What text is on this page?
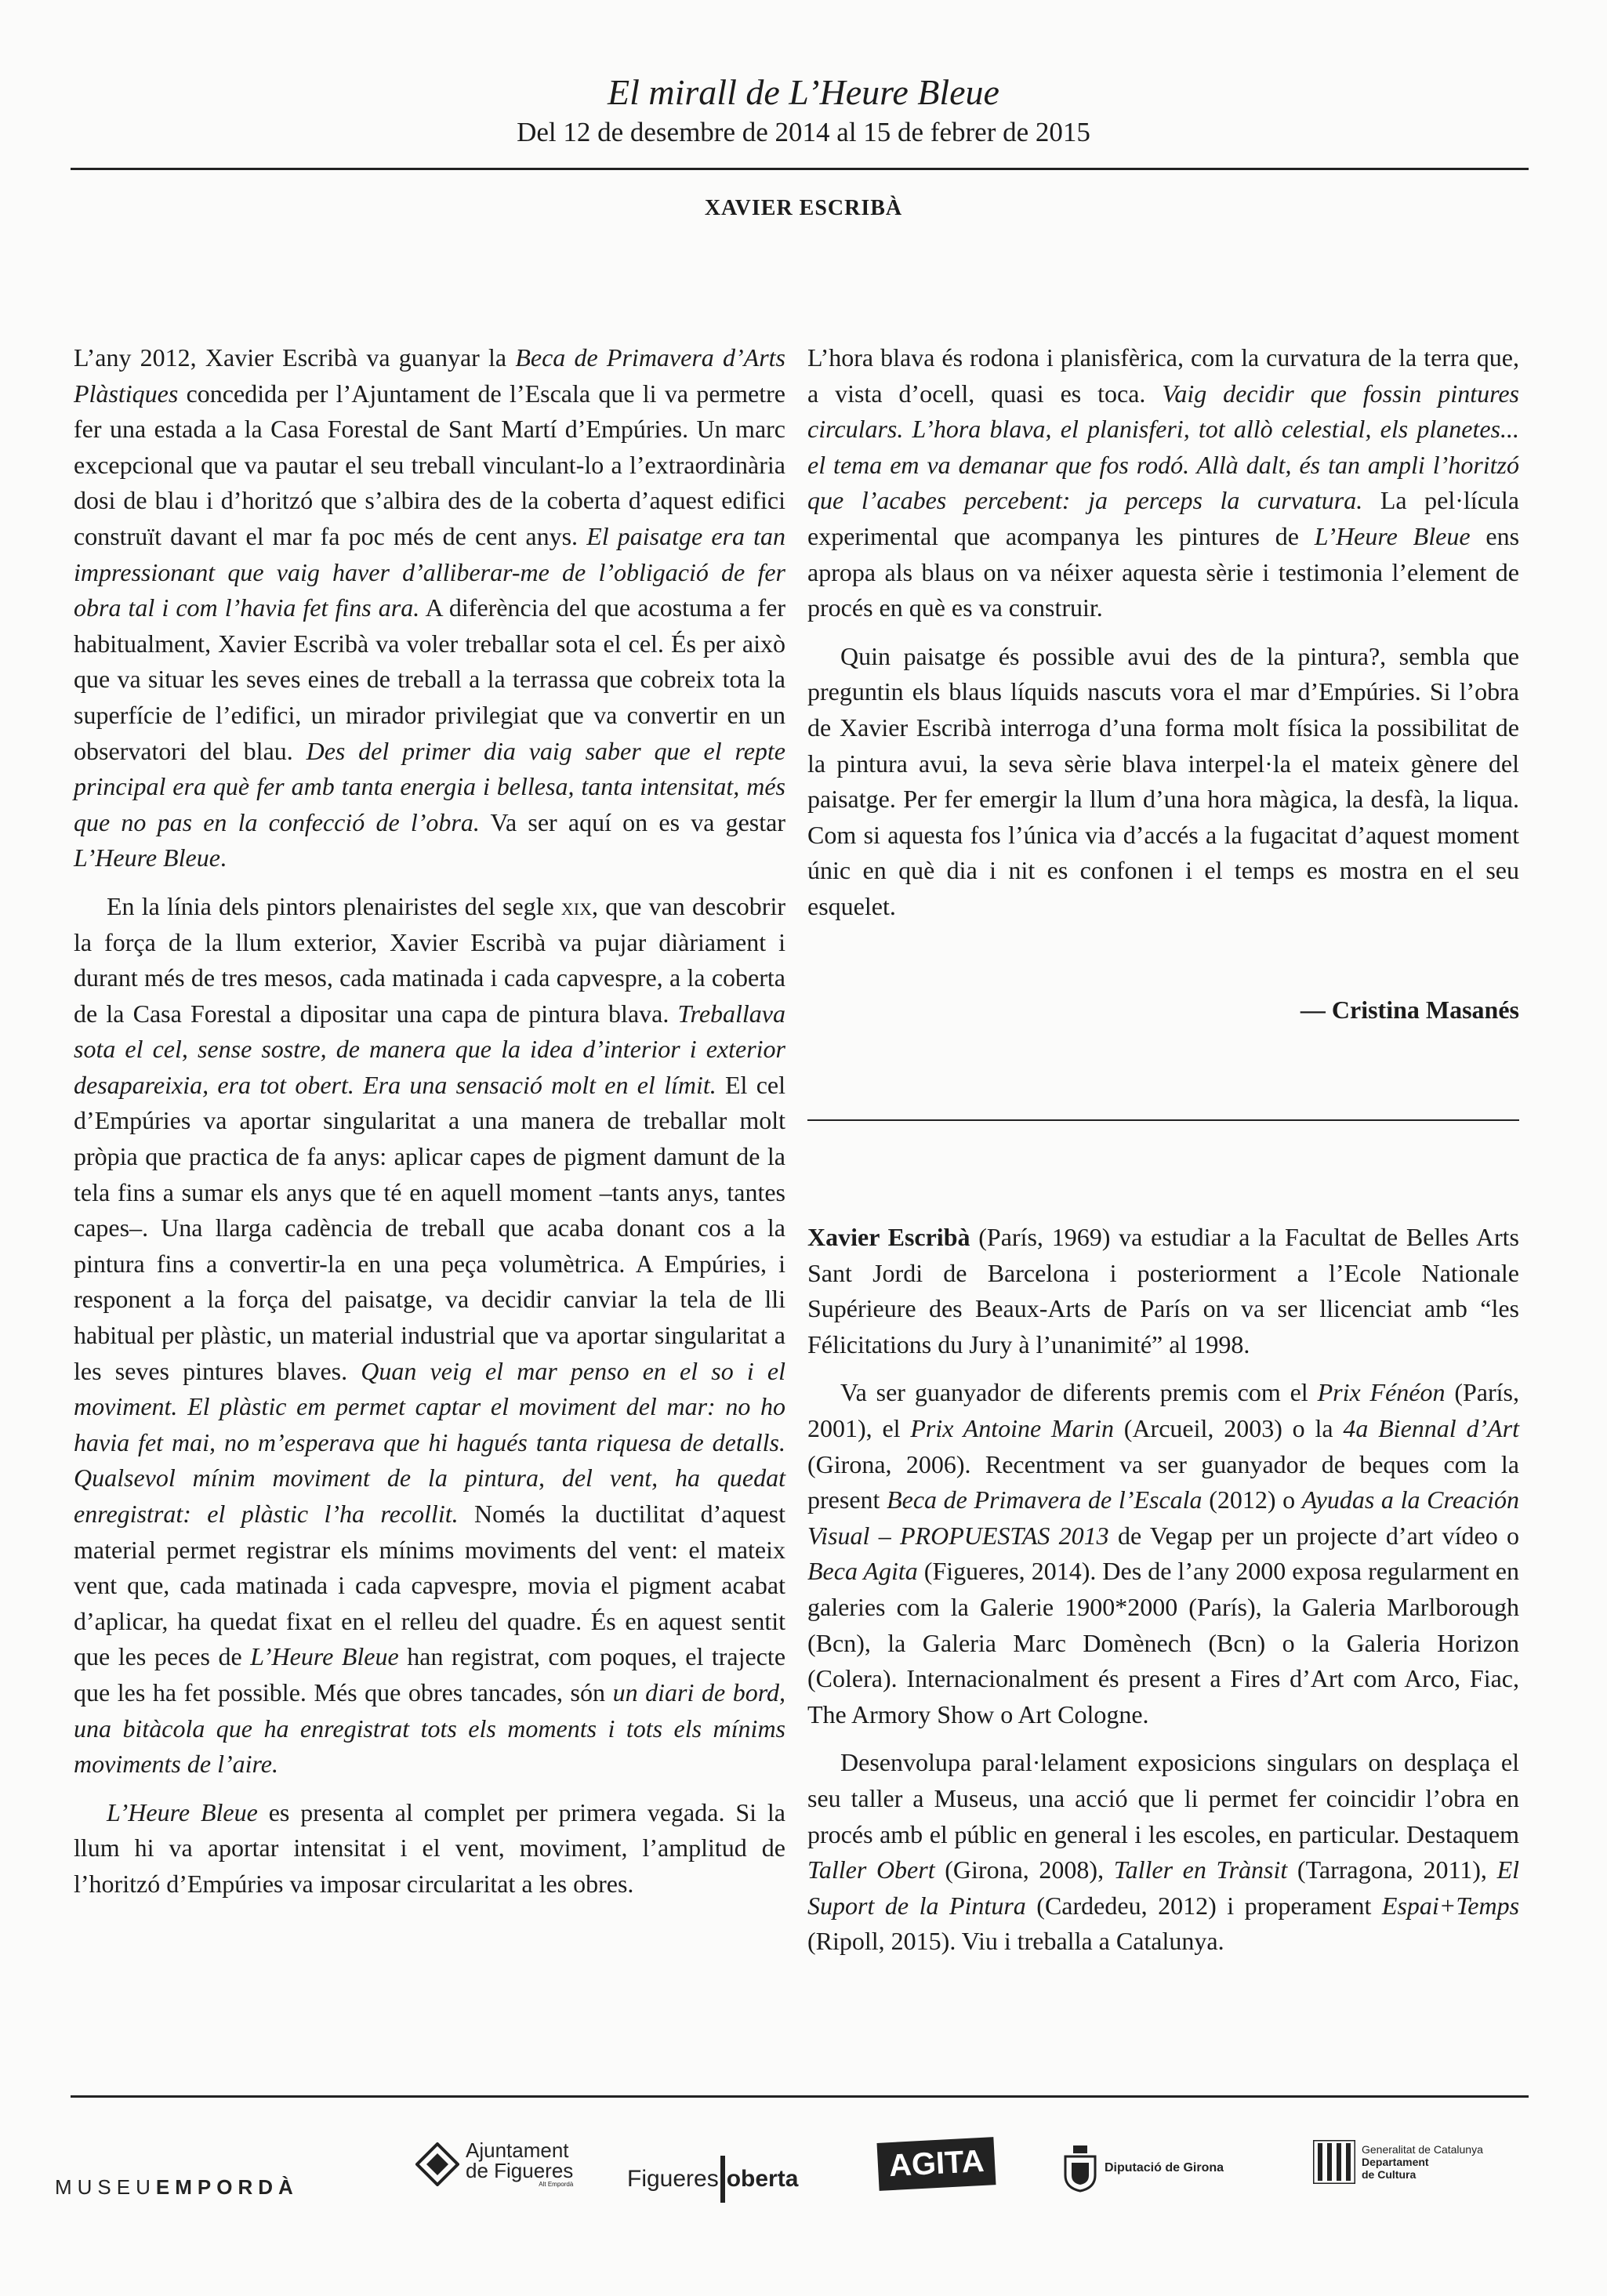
El mirall de L’Heure Bleue
Del 12 de desembre de 2014 al 15 de febrer de 2015
XAVIER ESCRIBÀ

L’any 2012, Xavier Escribà va guanyar la Beca de Primavera d’Arts Plàstiques concedida per l’Ajuntament de l’Escala que li va permetre fer una estada a la Casa Forestal de Sant Martí d’Empúries. Un marc excepcional que va pautar el seu treball vinculant-lo a l’extraordinària dosi de blau i d’horitzó que s’albira des de la coberta d’aquest edifici construït davant el mar fa poc més de cent anys. El paisatge era tan impressionant que vaig haver d’alliberar-me de l’obligació de fer obra tal i com l’havia fet fins ara. A diferència del que acostuma a fer habitualment, Xavier Escribà va voler treballar sota el cel. És per això que va situar les seves eines de treball a la terrassa que cobreix tota la superfície de l’edifici, un mirador privilegiat que va convertir en un observatori del blau. Des del primer dia vaig saber que el repte principal era què fer amb tanta energia i bellesa, tanta intensitat, més que no pas en la confecció de l’obra. Va ser aquí on es va gestar L’Heure Bleue.

En la línia dels pintors plenairistes del segle xix, que van descobrir la força de la llum exterior, Xavier Escribà va pujar diàriament i durant més de tres mesos, cada matinada i cada capvespre, a la coberta de la Casa Forestal a dipositar una capa de pintura blava. Treballava sota el cel, sense sostre, de manera que la idea d’interior i exterior desapareixia, era tot obert. Era una sensació molt en el límit. El cel d’Empúries va aportar singularitat a una manera de treballar molt pròpia que practica de fa anys: aplicar capes de pigment damunt de la tela fins a sumar els anys que té en aquell moment –tants anys, tantes capes–. Una llarga cadència de treball que acaba donant cos a la pintura fins a convertir-la en una peça volumètrica. A Empúries, i responent a la força del paisatge, va decidir canviar la tela de lli habitual per plàstic, un material industrial que va aportar singularitat a les seves pintures blaves. Quan veig el mar penso en el so i el moviment. El plàstic em permet captar el moviment del mar: no ho havia fet mai, no m’esperava que hi hagués tanta riquesa de detalls. Qualsevol mínim moviment de la pintura, del vent, ha quedat enregistrat: el plàstic l’ha recollit. Només la ductilitat d’aquest material permet registrar els mínims moviments del vent: el mateix vent que, cada matinada i cada capvespre, movia el pigment acabat d’aplicar, ha quedat fixat en el relleu del quadre. És en aquest sentit que les peces de L’Heure Bleue han registrat, com poques, el trajecte que les ha fet possible. Més que obres tancades, són un diari de bord, una bitàcola que ha enregistrat tots els moments i tots els mínims moviments de l’aire.

L’Heure Bleue es presenta al complet per primera vegada. Si la llum hi va aportar intensitat i el vent, moviment, l’amplitud de l’horitzó d’Empúries va imposar circularitat a les obres.

L’hora blava és rodona i planisfèrica, com la curvatura de la terra que, a vista d’ocell, quasi es toca. Vaig decidir que fossin pintures circulars. L’hora blava, el planisferi, tot allò celestial, els planetes... el tema em va demanar que fos rodó. Allà dalt, és tan ampli l’horitzó que l’acabes percebent: ja perceps la curvatura. La pel·lícula experimental que acompanya les pintures de L’Heure Bleue ens apropa als blaus on va néixer aquesta sèrie i testimonia l’element de procés en què es va construir.

Quin paisatge és possible avui des de la pintura?, sembla que preguntin els blaus líquids nascuts vora el mar d’Empúries. Si l’obra de Xavier Escribà interroga d’una forma molt física la possibilitat de la pintura avui, la seva sèrie blava interpel·la el mateix gènere del paisatge. Per fer emergir la llum d’una hora màgica, la desfà, la liqua. Com si aquesta fos l’única via d’accés a la fugacitat d’aquest moment únic en què dia i nit es confonen i el temps es mostra en el seu esquelet.

— Cristina Masanés

Xavier Escribà (París, 1969) va estudiar a la Facultat de Belles Arts Sant Jordi de Barcelona i posteriorment a l’Ecole Nationale Supérieure des Beaux-Arts de París on va ser llicenciat amb “les Félicitations du Jury à l’unanimité” al 1998.

Va ser guanyador de diferents premis com el Prix Fénéon (París, 2001), el Prix Antoine Marin (Arcueil, 2003) o la 4a Biennal d’Art (Girona, 2006). Recentment va ser guanyador de beques com la present Beca de Primavera de l’Escala (2012) o Ayudas a la Creación Visual – PROPUESTAS 2013 de Vegap per un projecte d’art vídeo o Beca Agita (Figueres, 2014). Des de l’any 2000 exposa regularment en galeries com la Galerie 1900*2000 (París), la Galeria Marlborough (Bcn), la Galeria Marc Domènech (Bcn) o la Galeria Horizon (Colera). Internacionalment és present a Fires d’Art com Arco, Fiac, The Armory Show o Art Cologne.

Desenvolupa paral·lelament exposicions singulars on desplaça el seu taller a Museus, una acció que li permet fer coincidir l’obra en procés amb el públic en general i les escoles, en particular. Destaquem Taller Obert (Girona, 2008), Taller en Trànsit (Tarragona, 2011), El Suport de la Pintura (Cardedeu, 2012) i properament Espai+Temps (Ripoll, 2015). Viu i treballa a Catalunya.

MUSEU EMPORDÀ
Ajuntament
de Figueres
Alt Empordà Figueres oberta	AGITA	Diputació de Girona
Generalitat de Catalunya
Departament
de Cultura
